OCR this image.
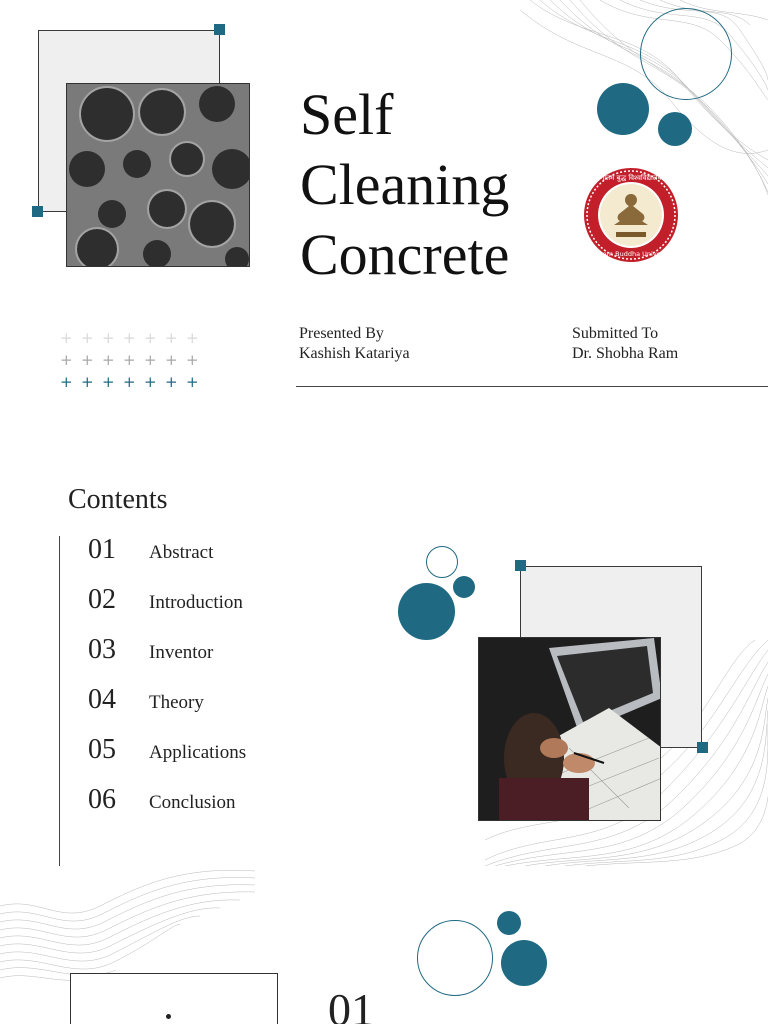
+ + + + + + +
+ + + + + + +
+ + + + + + +
Self
Cleaning
Concrete
गौतम बुद्ध विश्वविद्यालय
Gautam Buddha University
Presented By
Kashish Katariya
Submitted To
Dr. Shobha Ram
Contents
01	Abstract
02	Introduction
03	Inventor
04	Theory
05	Applications
06	Conclusion
01
